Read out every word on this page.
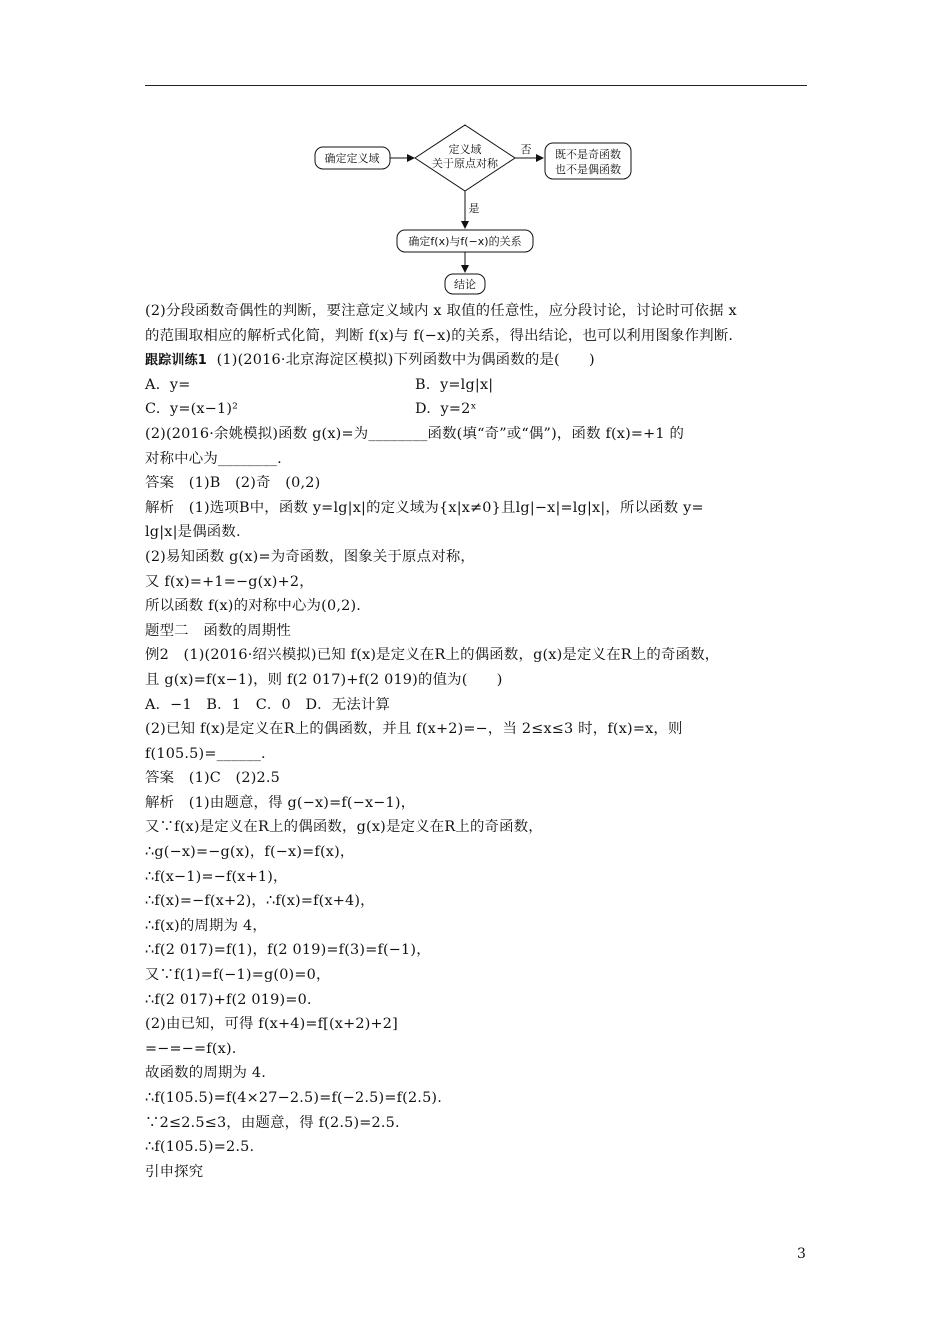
确定定义域
定义域
关于原点对称
否 既不是奇函数
也不是偶函数
是
确定f(x)与f(−x)的关系
结论
(2)分段函数奇偶性的判断，要注意定义域内 x 取值的任意性，应分段讨论，讨论时可依据 x
的范围取相应的解析式化简，判断 f(x)与 f(−x)的关系，得出结论，也可以利用图象作判断.
跟踪训练1  (1)(2016·北京海淀区模拟)下列函数中为偶函数的是(　　)
A.  y=	B.  y=lg|x|
C.  y=(x−1)²	D.  y=2ˣ
(2)(2016·余姚模拟)函数 g(x)=为________函数(填“奇”或“偶”)，函数 f(x)=+1 的
对称中心为________.
答案　(1)B　(2)奇　(0,2)
解析　(1)选项B中，函数 y=lg|x|的定义域为{x|x≠0}且lg|−x|=lg|x|，所以函数 y=
lg|x|是偶函数.
(2)易知函数 g(x)=为奇函数，图象关于原点对称，
又 f(x)=+1=−g(x)+2，
所以函数 f(x)的对称中心为(0,2).
题型二　函数的周期性
例2　(1)(2016·绍兴模拟)已知 f(x)是定义在R上的偶函数，g(x)是定义在R上的奇函数，
且 g(x)=f(x−1)，则 f(2 017)+f(2 019)的值为(　　)
A．−1　B．1　C．0　D．无法计算
(2)已知 f(x)是定义在R上的偶函数，并且 f(x+2)=−，当 2≤x≤3 时，f(x)=x，则
f(105.5)=______.
答案　(1)C　(2)2.5
解析　(1)由题意，得 g(−x)=f(−x−1)，
又∵f(x)是定义在R上的偶函数，g(x)是定义在R上的奇函数，
∴g(−x)=−g(x)，f(−x)=f(x)，
∴f(x−1)=−f(x+1)，
∴f(x)=−f(x+2)，∴f(x)=f(x+4)，
∴f(x)的周期为 4，
∴f(2 017)=f(1)，f(2 019)=f(3)=f(−1)，
又∵f(1)=f(−1)=g(0)=0，
∴f(2 017)+f(2 019)=0.
(2)由已知，可得 f(x+4)=f[(x+2)+2]
=−=−=f(x).
故函数的周期为 4.
∴f(105.5)=f(4×27−2.5)=f(−2.5)=f(2.5).
∵2≤2.5≤3，由题意，得 f(2.5)=2.5.
∴f(105.5)=2.5.
引申探究
3
